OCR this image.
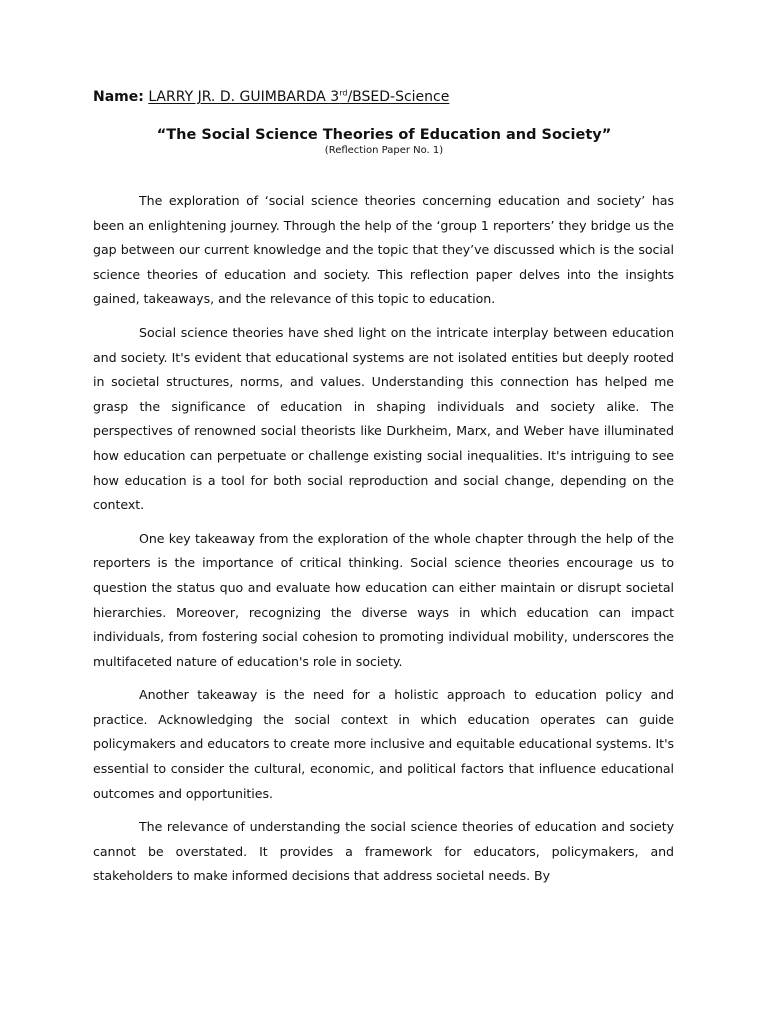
Name: LARRY JR. D. GUIMBARDA 3rd/BSED-Science
“The Social Science Theories of Education and Society”
(Reflection Paper No. 1)

The exploration of ‘social science theories concerning education and society’ has been an enlightening journey. Through the help of the ‘group 1 reporters’ they bridge us the gap between our current knowledge and the topic that they’ve discussed which is the social science theories of education and society. This reflection paper delves into the insights gained, takeaways, and the relevance of this topic to education.

Social science theories have shed light on the intricate interplay between education and society. It's evident that educational systems are not isolated entities but deeply rooted in societal structures, norms, and values. Understanding this connection has helped me grasp the significance of education in shaping individuals and society alike. The perspectives of renowned social theorists like Durkheim, Marx, and Weber have illuminated how education can perpetuate or challenge existing social inequalities. It's intriguing to see how education is a tool for both social reproduction and social change, depending on the context.

One key takeaway from the exploration of the whole chapter through the help of the reporters is the importance of critical thinking. Social science theories encourage us to question the status quo and evaluate how education can either maintain or disrupt societal hierarchies. Moreover, recognizing the diverse ways in which education can impact individuals, from fostering social cohesion to promoting individual mobility, underscores the multifaceted nature of education's role in society.

Another takeaway is the need for a holistic approach to education policy and practice. Acknowledging the social context in which education operates can guide policymakers and educators to create more inclusive and equitable educational systems. It's essential to consider the cultural, economic, and political factors that influence educational outcomes and opportunities.

The relevance of understanding the social science theories of education and society cannot be overstated. It provides a framework for educators, policymakers, and stakeholders to make informed decisions that address societal needs. By
